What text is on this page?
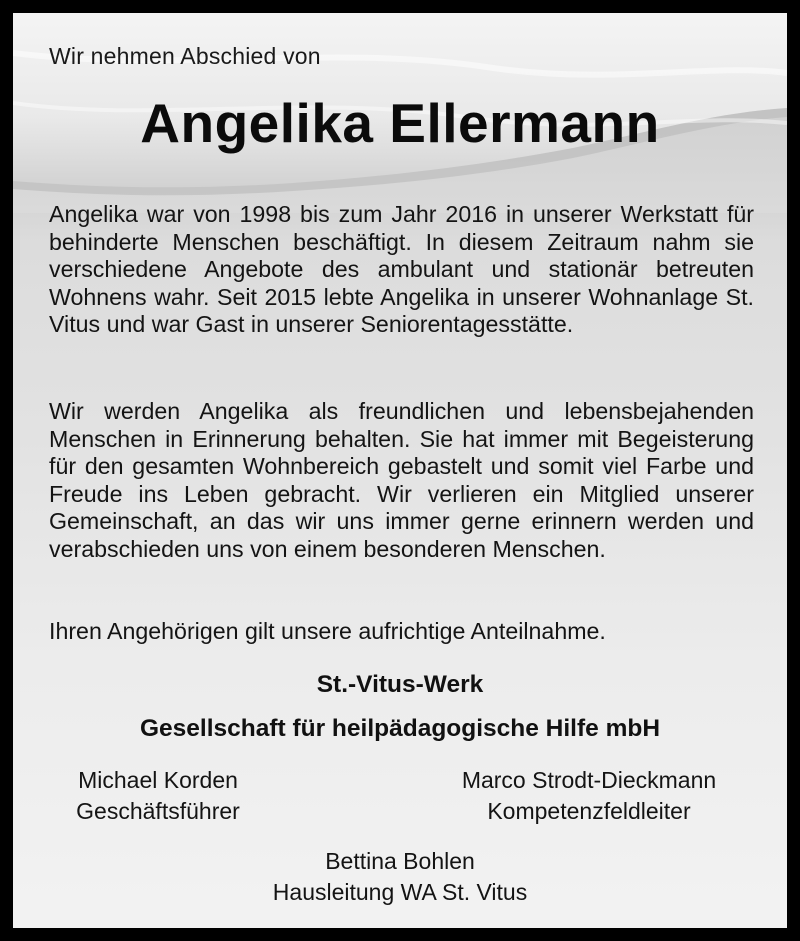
Wir nehmen Abschied von
Angelika Ellermann

Angelika war von 1998 bis zum Jahr 2016 in unserer Werkstatt für behinderte Menschen beschäftigt. In diesem Zeitraum nahm sie verschiedene Angebote des ambulant und stationär betreuten Wohnens wahr. Seit 2015 lebte Angelika in unserer Wohnanlage St. Vitus und war Gast in unserer Seniorentagesstätte.

Wir werden Angelika als freundlichen und lebensbejahenden Menschen in Erinnerung behalten. Sie hat immer mit Begeisterung für den gesamten Wohnbereich gebastelt und somit viel Farbe und Freude ins Leben gebracht. Wir verlieren ein Mitglied unserer Gemeinschaft, an das wir uns immer gerne erinnern werden und verabschieden uns von einem besonderen Menschen.

Ihren Angehörigen gilt unsere aufrichtige Anteilnahme.

St.-Vitus-Werk
Gesellschaft für heilpädagogische Hilfe mbH
Michael Korden
Geschäftsführer
Marco Strodt-Dieckmann
Kompetenzfeldleiter
Bettina Bohlen
Hausleitung WA St. Vitus
